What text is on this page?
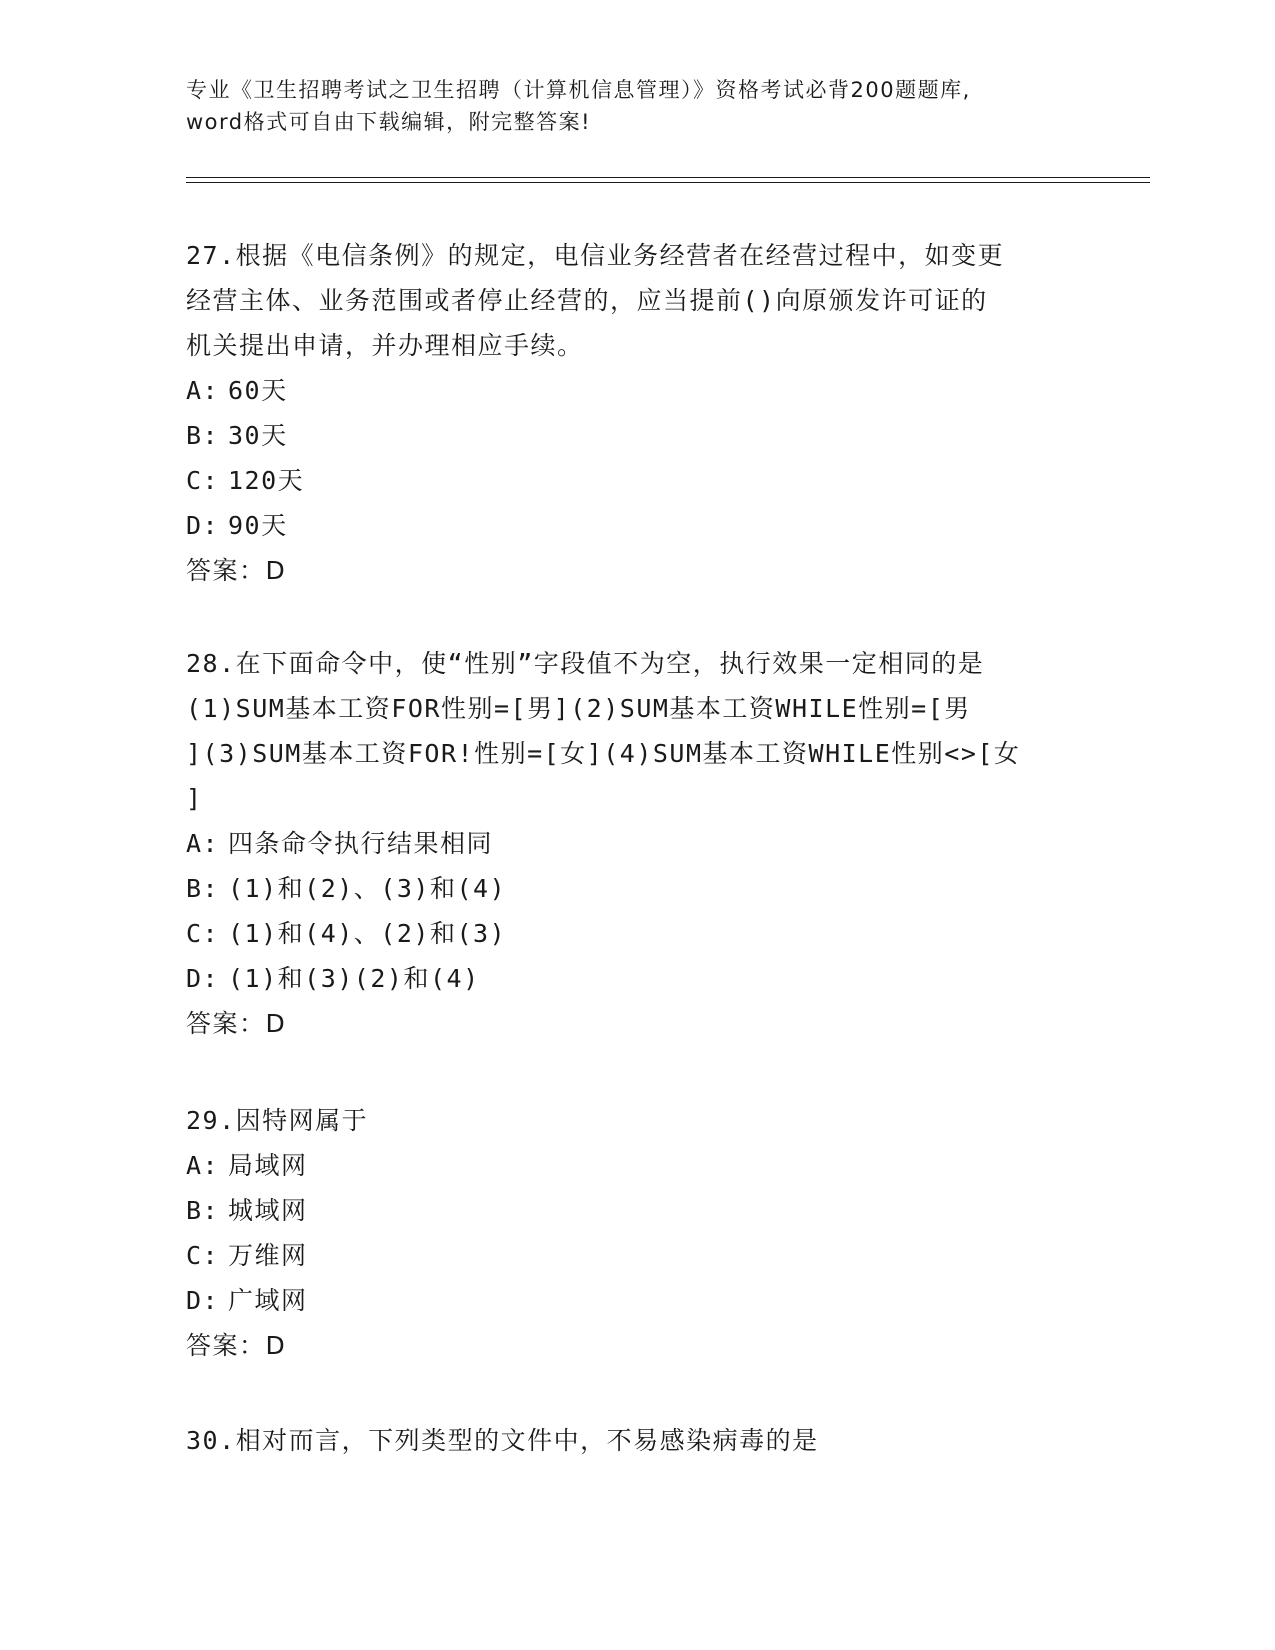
专业《卫生招聘考试之卫生招聘（计算机信息管理）》资格考试必背200题题库,
word格式可自由下载编辑，附完整答案!
27.根据《电信条例》的规定，电信业务经营者在经营过程中，如变更
经营主体、业务范围或者停止经营的，应当提前()向原颁发许可证的
机关提出申请，并办理相应手续。
A: 60天
B: 30天
C: 120天
D: 90天
答案：D
28.在下面命令中，使“性别”字段值不为空，执行效果一定相同的是
(1)SUM基本工资FOR性别=[男](2)SUM基本工资WHILE性别=[男
](3)SUM基本工资FOR!性别=[女](4)SUM基本工资WHILE性别<>[女
]
A: 四条命令执行结果相同
B: (1)和(2)、(3)和(4)
C: (1)和(4)、(2)和(3)
D: (1)和(3)(2)和(4)
答案：D
29.因特网属于
A: 局域网
B: 城域网
C: 万维网
D: 广域网
答案：D
30.相对而言，下列类型的文件中，不易感染病毒的是
